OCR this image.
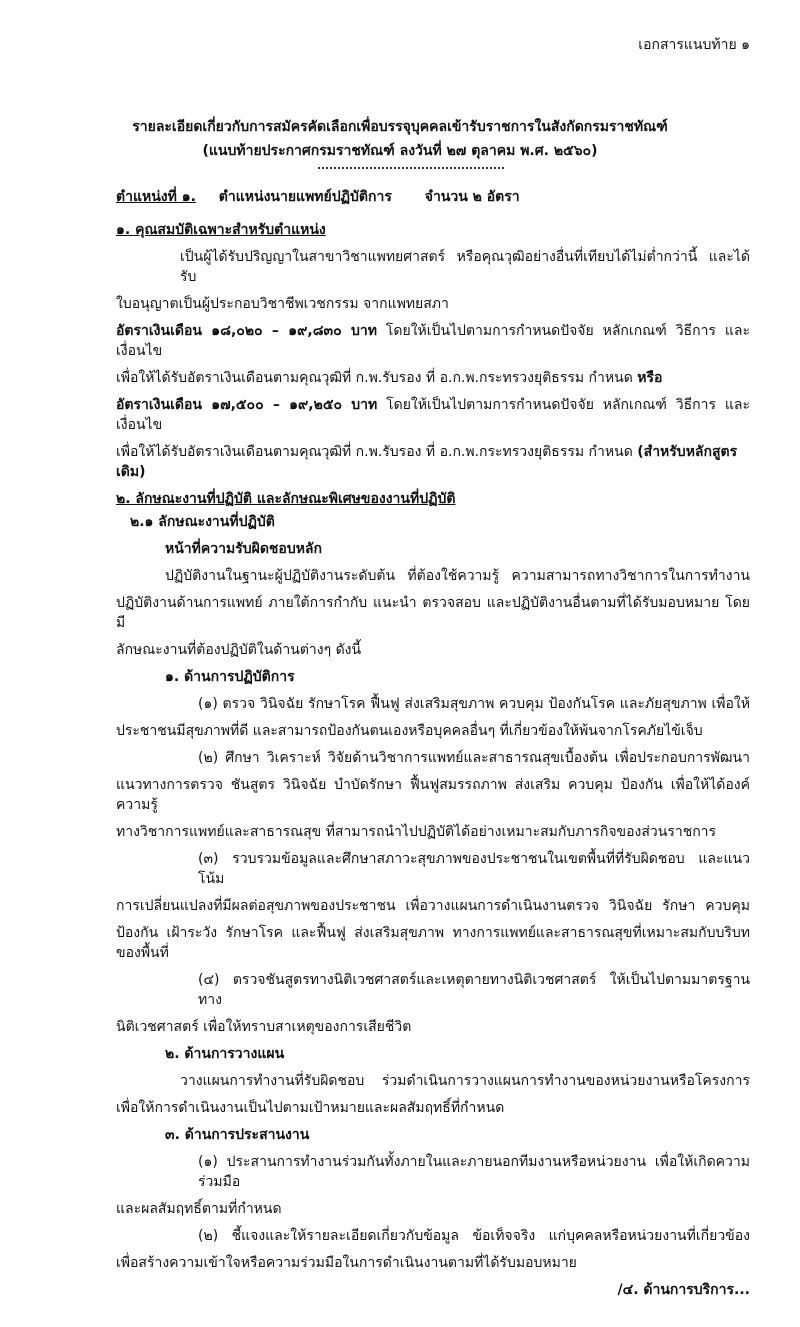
เอกสารแนบท้าย ๑
รายละเอียดเกี่ยวกับการสมัครคัดเลือกเพื่อบรรจุบุคคลเข้ารับราชการในสังกัดกรมราชทัณฑ์
(แนบท้ายประกาศกรมราชทัณฑ์ ลงวันที่ ๒๗ ตุลาคม พ.ศ. ๒๕๖๐)
ตำแหน่งที่ ๑. ตำแหน่งนายแพทย์ปฏิบัติการ จำนวน ๒ อัตรา
๑. คุณสมบัติเฉพาะสำหรับตำแหน่ง
เป็นผู้ได้รับปริญญาในสาขาวิชาแพทยศาสตร์ หรือคุณวุฒิอย่างอื่นที่เทียบได้ไม่ต่ำกว่านี้ และได้รับ
ใบอนุญาตเป็นผู้ประกอบวิชาชีพเวชกรรม จากแพทยสภา
อัตราเงินเดือน ๑๘,๐๒๐ – ๑๙,๘๓๐ บาท โดยให้เป็นไปตามการกำหนดปัจจัย หลักเกณฑ์ วิธีการ และเงื่อนไข
เพื่อให้ได้รับอัตราเงินเดือนตามคุณวุฒิที่ ก.พ.รับรอง ที่ อ.ก.พ.กระทรวงยุติธรรม กำหนด หรือ
อัตราเงินเดือน ๑๗,๕๐๐ – ๑๙,๒๕๐ บาท โดยให้เป็นไปตามการกำหนดปัจจัย หลักเกณฑ์ วิธีการ และเงื่อนไข
เพื่อให้ได้รับอัตราเงินเดือนตามคุณวุฒิที่ ก.พ.รับรอง ที่ อ.ก.พ.กระทรวงยุติธรรม กำหนด (สำหรับหลักสูตรเดิม)
๒. ลักษณะงานที่ปฏิบัติ และลักษณะพิเศษของงานที่ปฏิบัติ
๒.๑ ลักษณะงานที่ปฏิบัติ
หน้าที่ความรับผิดชอบหลัก
ปฏิบัติงานในฐานะผู้ปฏิบัติงานระดับต้น ที่ต้องใช้ความรู้ ความสามารถทางวิชาการในการทำงาน
ปฏิบัติงานด้านการแพทย์ ภายใต้การกำกับ แนะนำ ตรวจสอบ และปฏิบัติงานอื่นตามที่ได้รับมอบหมาย โดยมี
ลักษณะงานที่ต้องปฏิบัติในด้านต่างๆ ดังนี้
๑. ด้านการปฏิบัติการ
(๑) ตรวจ วินิจฉัย รักษาโรค ฟื้นฟู ส่งเสริมสุขภาพ ควบคุม ป้องกันโรค และภัยสุขภาพ เพื่อให้
ประชาชนมีสุขภาพที่ดี และสามารถป้องกันตนเองหรือบุคคลอื่นๆ ที่เกี่ยวข้องให้พ้นจากโรคภัยไข้เจ็บ
(๒) ศึกษา วิเคราะห์ วิจัยด้านวิชาการแพทย์และสาธารณสุขเบื้องต้น เพื่อประกอบการพัฒนา
แนวทางการตรวจ ชันสูตร วินิจฉัย บำบัดรักษา ฟื้นฟูสมรรถภาพ ส่งเสริม ควบคุม ป้องกัน เพื่อให้ได้องค์ความรู้
ทางวิชาการแพทย์และสาธารณสุข ที่สามารถนำไปปฏิบัติได้อย่างเหมาะสมกับภารกิจของส่วนราชการ
(๓) รวบรวมข้อมูลและศึกษาสภาวะสุขภาพของประชาชนในเขตพื้นที่ที่รับผิดชอบ และแนวโน้ม
การเปลี่ยนแปลงที่มีผลต่อสุขภาพของประชาชน เพื่อวางแผนการดำเนินงานตรวจ วินิจฉัย รักษา ควบคุม
ป้องกัน เฝ้าระวัง รักษาโรค และฟื้นฟู ส่งเสริมสุขภาพ ทางการแพทย์และสาธารณสุขที่เหมาะสมกับบริบทของพื้นที่
(๔) ตรวจชันสูตรทางนิติเวชศาสตร์และเหตุตายทางนิติเวชศาสตร์ ให้เป็นไปตามมาตรฐานทาง
นิติเวชศาสตร์ เพื่อให้ทราบสาเหตุของการเสียชีวิต
๒. ด้านการวางแผน
วางแผนการทำงานที่รับผิดชอบ ร่วมดำเนินการวางแผนการทำงานของหน่วยงานหรือโครงการ
เพื่อให้การดำเนินงานเป็นไปตามเป้าหมายและผลสัมฤทธิ์ที่กำหนด
๓. ด้านการประสานงาน
(๑) ประสานการทำงานร่วมกันทั้งภายในและภายนอกทีมงานหรือหน่วยงาน เพื่อให้เกิดความร่วมมือ
และผลสัมฤทธิ์ตามที่กำหนด
(๒) ชี้แจงและให้รายละเอียดเกี่ยวกับข้อมูล ข้อเท็จจริง แก่บุคคลหรือหน่วยงานที่เกี่ยวข้อง
เพื่อสร้างความเข้าใจหรือความร่วมมือในการดำเนินงานตามที่ได้รับมอบหมาย
/๔. ด้านการบริการ...
